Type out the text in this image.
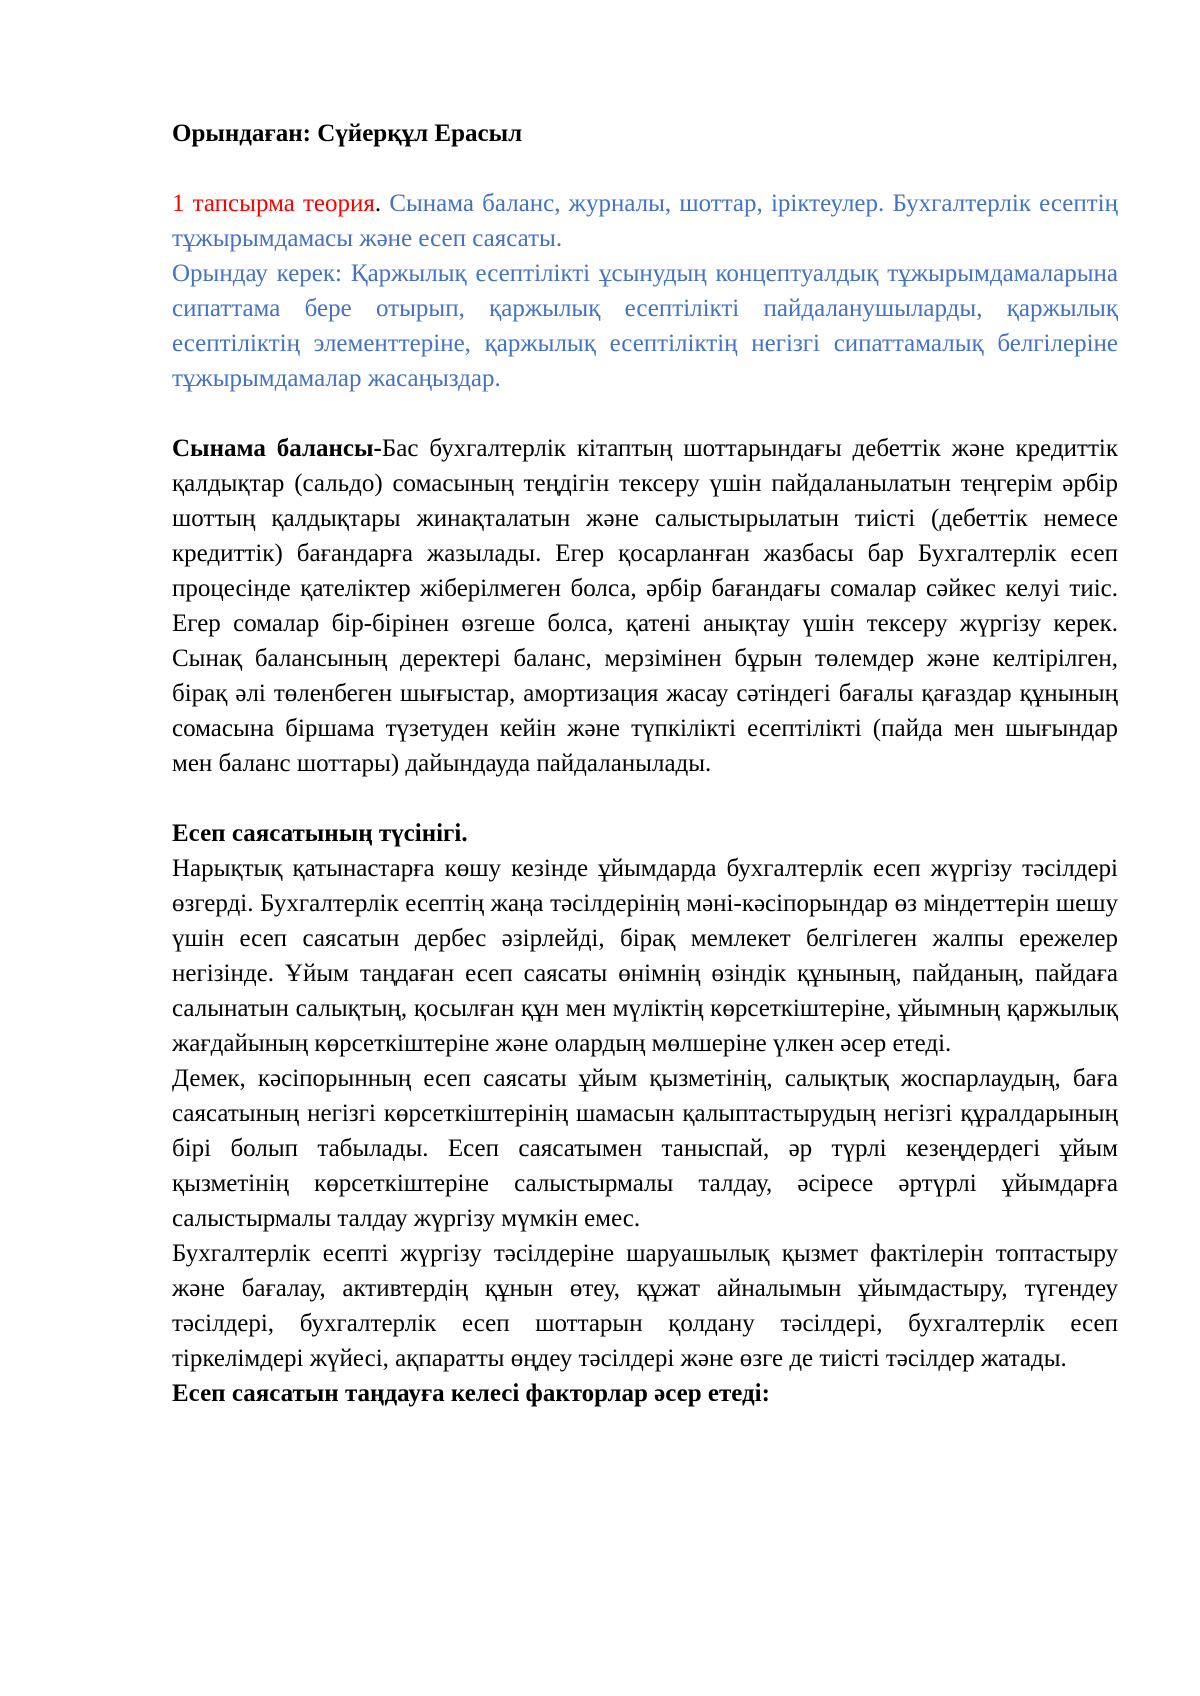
Орындаған: Сүйерқұл Ерасыл

1 тапсырма теория. Сынама баланс, журналы, шоттар, іріктеулер. Бухгалтерлік есептің тұжырымдамасы және есеп саясаты.

Орындау керек: Қаржылық есептілікті ұсынудың концептуалдық тұжырымдамаларына сипаттама бере отырып, қаржылық есептілікті пайдаланушыларды, қаржылық есептіліктің элементтеріне, қаржылық есептіліктің негізгі сипаттамалық белгілеріне тұжырымдамалар жасаңыздар.

Сынама балансы-Бас бухгалтерлік кітаптың шоттарындағы дебеттік және кредиттік қалдықтар (сальдо) сомасының теңдігін тексеру үшін пайдаланылатын теңгерім әрбір шоттың қалдықтары жинақталатын және салыстырылатын тиісті (дебеттік немесе кредиттік) бағандарға жазылады. Егер қосарланған жазбасы бар Бухгалтерлік есеп процесінде қателіктер жіберілмеген болса, әрбір бағандағы сомалар сәйкес келуі тиіс. Егер сомалар бір-бірінен өзгеше болса, қатені анықтау үшін тексеру жүргізу керек. Сынақ балансының деректері баланс, мерзімінен бұрын төлемдер және келтірілген, бірақ әлі төленбеген шығыстар, амортизация жасау сәтіндегі бағалы қағаздар құнының сомасына біршама түзетуден кейін және түпкілікті есептілікті (пайда мен шығындар мен баланс шоттары) дайындауда пайдаланылады.

Есеп саясатының түсінігі.

Нарықтық қатынастарға көшу кезінде ұйымдарда бухгалтерлік есеп жүргізу тәсілдері өзгерді. Бухгалтерлік есептің жаңа тәсілдерінің мәні-кәсіпорындар өз міндеттерін шешу үшін есеп саясатын дербес әзірлейді, бірақ мемлекет белгілеген жалпы ережелер негізінде. Ұйым таңдаған есеп саясаты өнімнің өзіндік құнының, пайданың, пайдаға салынатын салықтың, қосылған құн мен мүліктің көрсеткіштеріне, ұйымның қаржылық жағдайының көрсеткіштеріне және олардың мөлшеріне үлкен әсер етеді.

Демек, кәсіпорынның есеп саясаты ұйым қызметінің, салықтық жоспарлаудың, баға саясатының негізгі көрсеткіштерінің шамасын қалыптастырудың негізгі құралдарының бірі болып табылады. Есеп саясатымен таныспай, әр түрлі кезеңдердегі ұйым қызметінің көрсеткіштеріне салыстырмалы талдау, әсіресе әртүрлі ұйымдарға салыстырмалы талдау жүргізу мүмкін емес.

Бухгалтерлік есепті жүргізу тәсілдеріне шаруашылық қызмет фактілерін топтастыру және бағалау, активтердің құнын өтеу, құжат айналымын ұйымдастыру, түгендеу тәсілдері, бухгалтерлік есеп шоттарын қолдану тәсілдері, бухгалтерлік есеп тіркелімдері жүйесі, ақпаратты өңдеу тәсілдері және өзге де тиісті тәсілдер жатады.

Есеп саясатын таңдауға келесі факторлар әсер етеді:
